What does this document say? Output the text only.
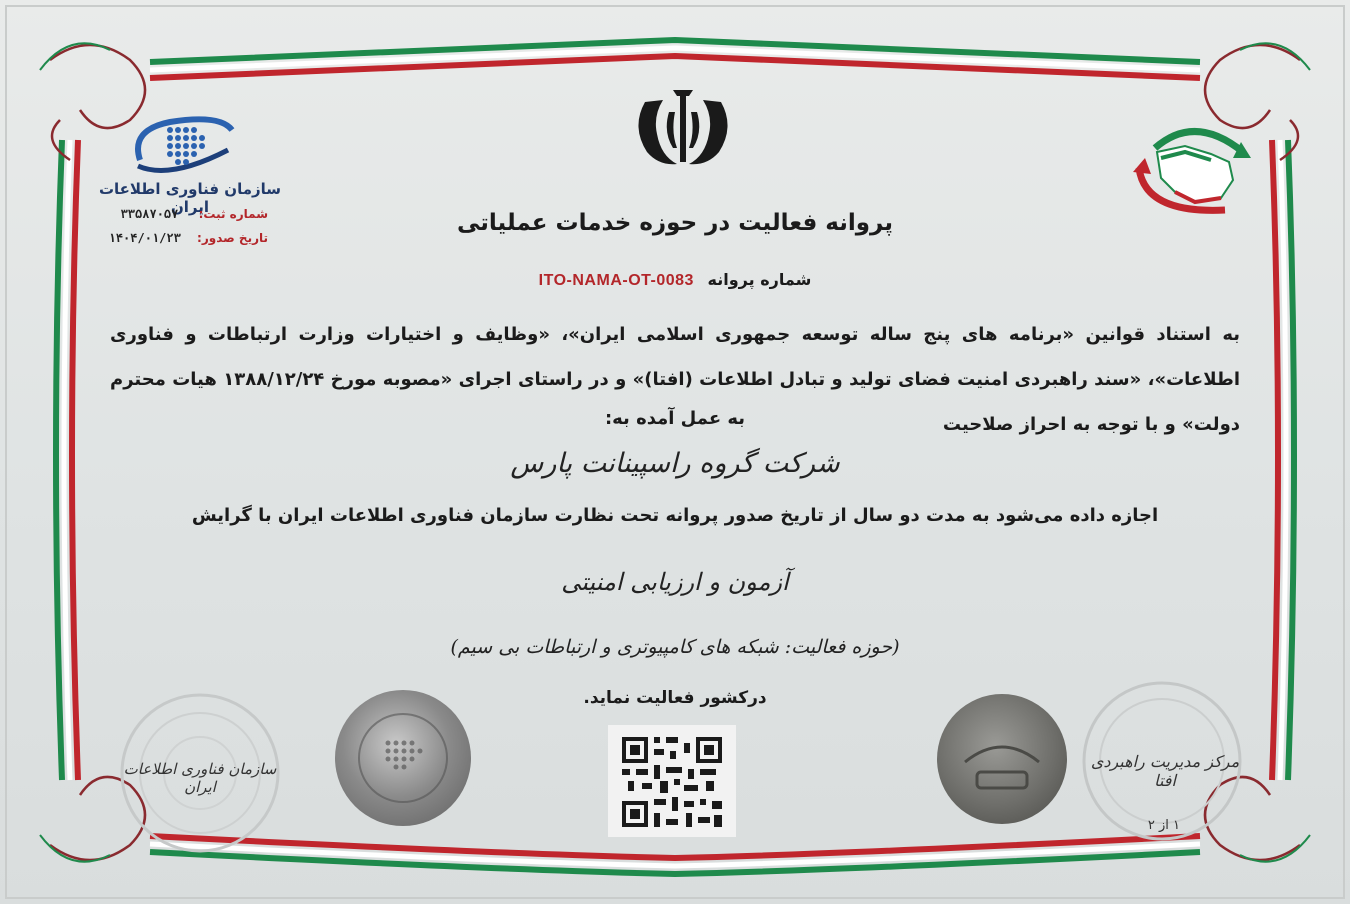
سازمان فناوری اطلاعات ایران
شماره ثبت: ۳۳۵۸۷۰۵۷
تاریخ صدور: ۱۴۰۴/۰۱/۲۳
پروانه فعالیت در حوزه خدمات عملیاتی
شماره پروانه ITO-NAMA-OT-0083
به استناد قوانین «برنامه های پنج ساله توسعه جمهوری اسلامی ایران»، «وظایف و اختیارات وزارت ارتباطات و فناوری اطلاعات»، «سند راهبردی امنیت فضای تولید و تبادل اطلاعات (افتا)» و در راستای اجرای «مصوبه مورخ ۱۳۸۸/۱۲/۲۴ هیات محترم دولت» و با توجه به احراز صلاحیت
به عمل آمده به:
شرکت گروه راسپینانت پارس
اجازه داده می‌شود به مدت دو سال از تاریخ صدور پروانه تحت نظارت سازمان فناوری اطلاعات ایران با گرایش
آزمون و ارزیابی امنیتی
(حوزه فعالیت: شبکه های کامپیوتری و ارتباطات بی سیم)
درکشور فعالیت نماید.
سازمان فناوری اطلاعات ایران
مرکز مدیریت راهبردی افتا
۱ از ۲
